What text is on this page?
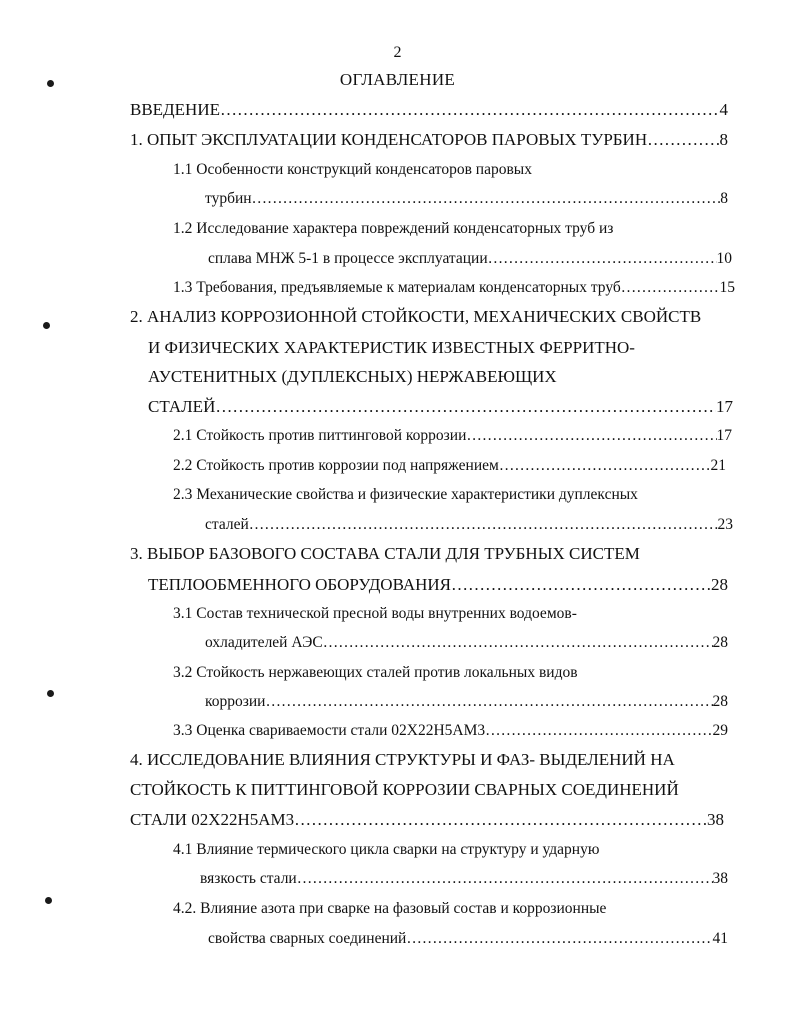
2
ОГЛАВЛЕНИЕ
ВВЕДЕНИЕ ……………………………………………………………………………………………………………………………………………	4
1. ОПЫТ ЭКСПЛУАТАЦИИ КОНДЕНСАТОРОВ ПАРОВЫХ ТУРБИН ……………………………………………………………………………………………………………………………………………	8
1.1 Особенности конструкций конденсаторов паровых
турбин ……………………………………………………………………………………………………………………………………………	8
1.2 Исследование характера повреждений конденсаторных труб из
сплава МНЖ 5-1 в процессе эксплуатации ……………………………………………………………………………………………………………………………………………	10
1.3 Требования, предъявляемые к материалам конденсаторных труб ……………………………………………………………………………………………………………………………………………	15
2. АНАЛИЗ КОРРОЗИОННОЙ СТОЙКОСТИ, МЕХАНИЧЕСКИХ СВОЙСТВ
И ФИЗИЧЕСКИХ ХАРАКТЕРИСТИК ИЗВЕСТНЫХ ФЕРРИТНО-
АУСТЕНИТНЫХ (ДУПЛЕКСНЫХ) НЕРЖАВЕЮЩИХ
СТАЛЕЙ ……………………………………………………………………………………………………………………………………………	17
2.1 Стойкость против питтинговой коррозии ……………………………………………………………………………………………………………………………………………	17
2.2 Стойкость против коррозии под напряжением ……………………………………………………………………………………………………………………………………………	21
2.3 Механические свойства и физические характеристики дуплексных
сталей ……………………………………………………………………………………………………………………………………………	23
3. ВЫБОР БАЗОВОГО СОСТАВА СТАЛИ ДЛЯ ТРУБНЫХ СИСТЕМ
ТЕПЛООБМЕННОГО ОБОРУДОВАНИЯ ……………………………………………………………………………………………………………………………………………	28
3.1 Состав технической пресной воды внутренних водоемов-
охладителей АЭС ……………………………………………………………………………………………………………………………………………	28
3.2 Стойкость нержавеющих сталей против локальных видов
коррозии ……………………………………………………………………………………………………………………………………………	28
3.3 Оценка свариваемости стали 02Х22Н5АМ3 ……………………………………………………………………………………………………………………………………………	29
4. ИССЛЕДОВАНИЕ ВЛИЯНИЯ СТРУКТУРЫ И ФАЗ- ВЫДЕЛЕНИЙ НА
СТОЙКОСТЬ К ПИТТИНГОВОЙ КОРРОЗИИ СВАРНЫХ СОЕДИНЕНИЙ
СТАЛИ 02Х22Н5АМ3 ……………………………………………………………………………………………………………………………………………	38
4.1 Влияние термического цикла сварки на структуру и ударную
вязкость стали ……………………………………………………………………………………………………………………………………………	38
4.2. Влияние азота при сварке на фазовый состав и коррозионные
свойства сварных соединений ……………………………………………………………………………………………………………………………………………	41
